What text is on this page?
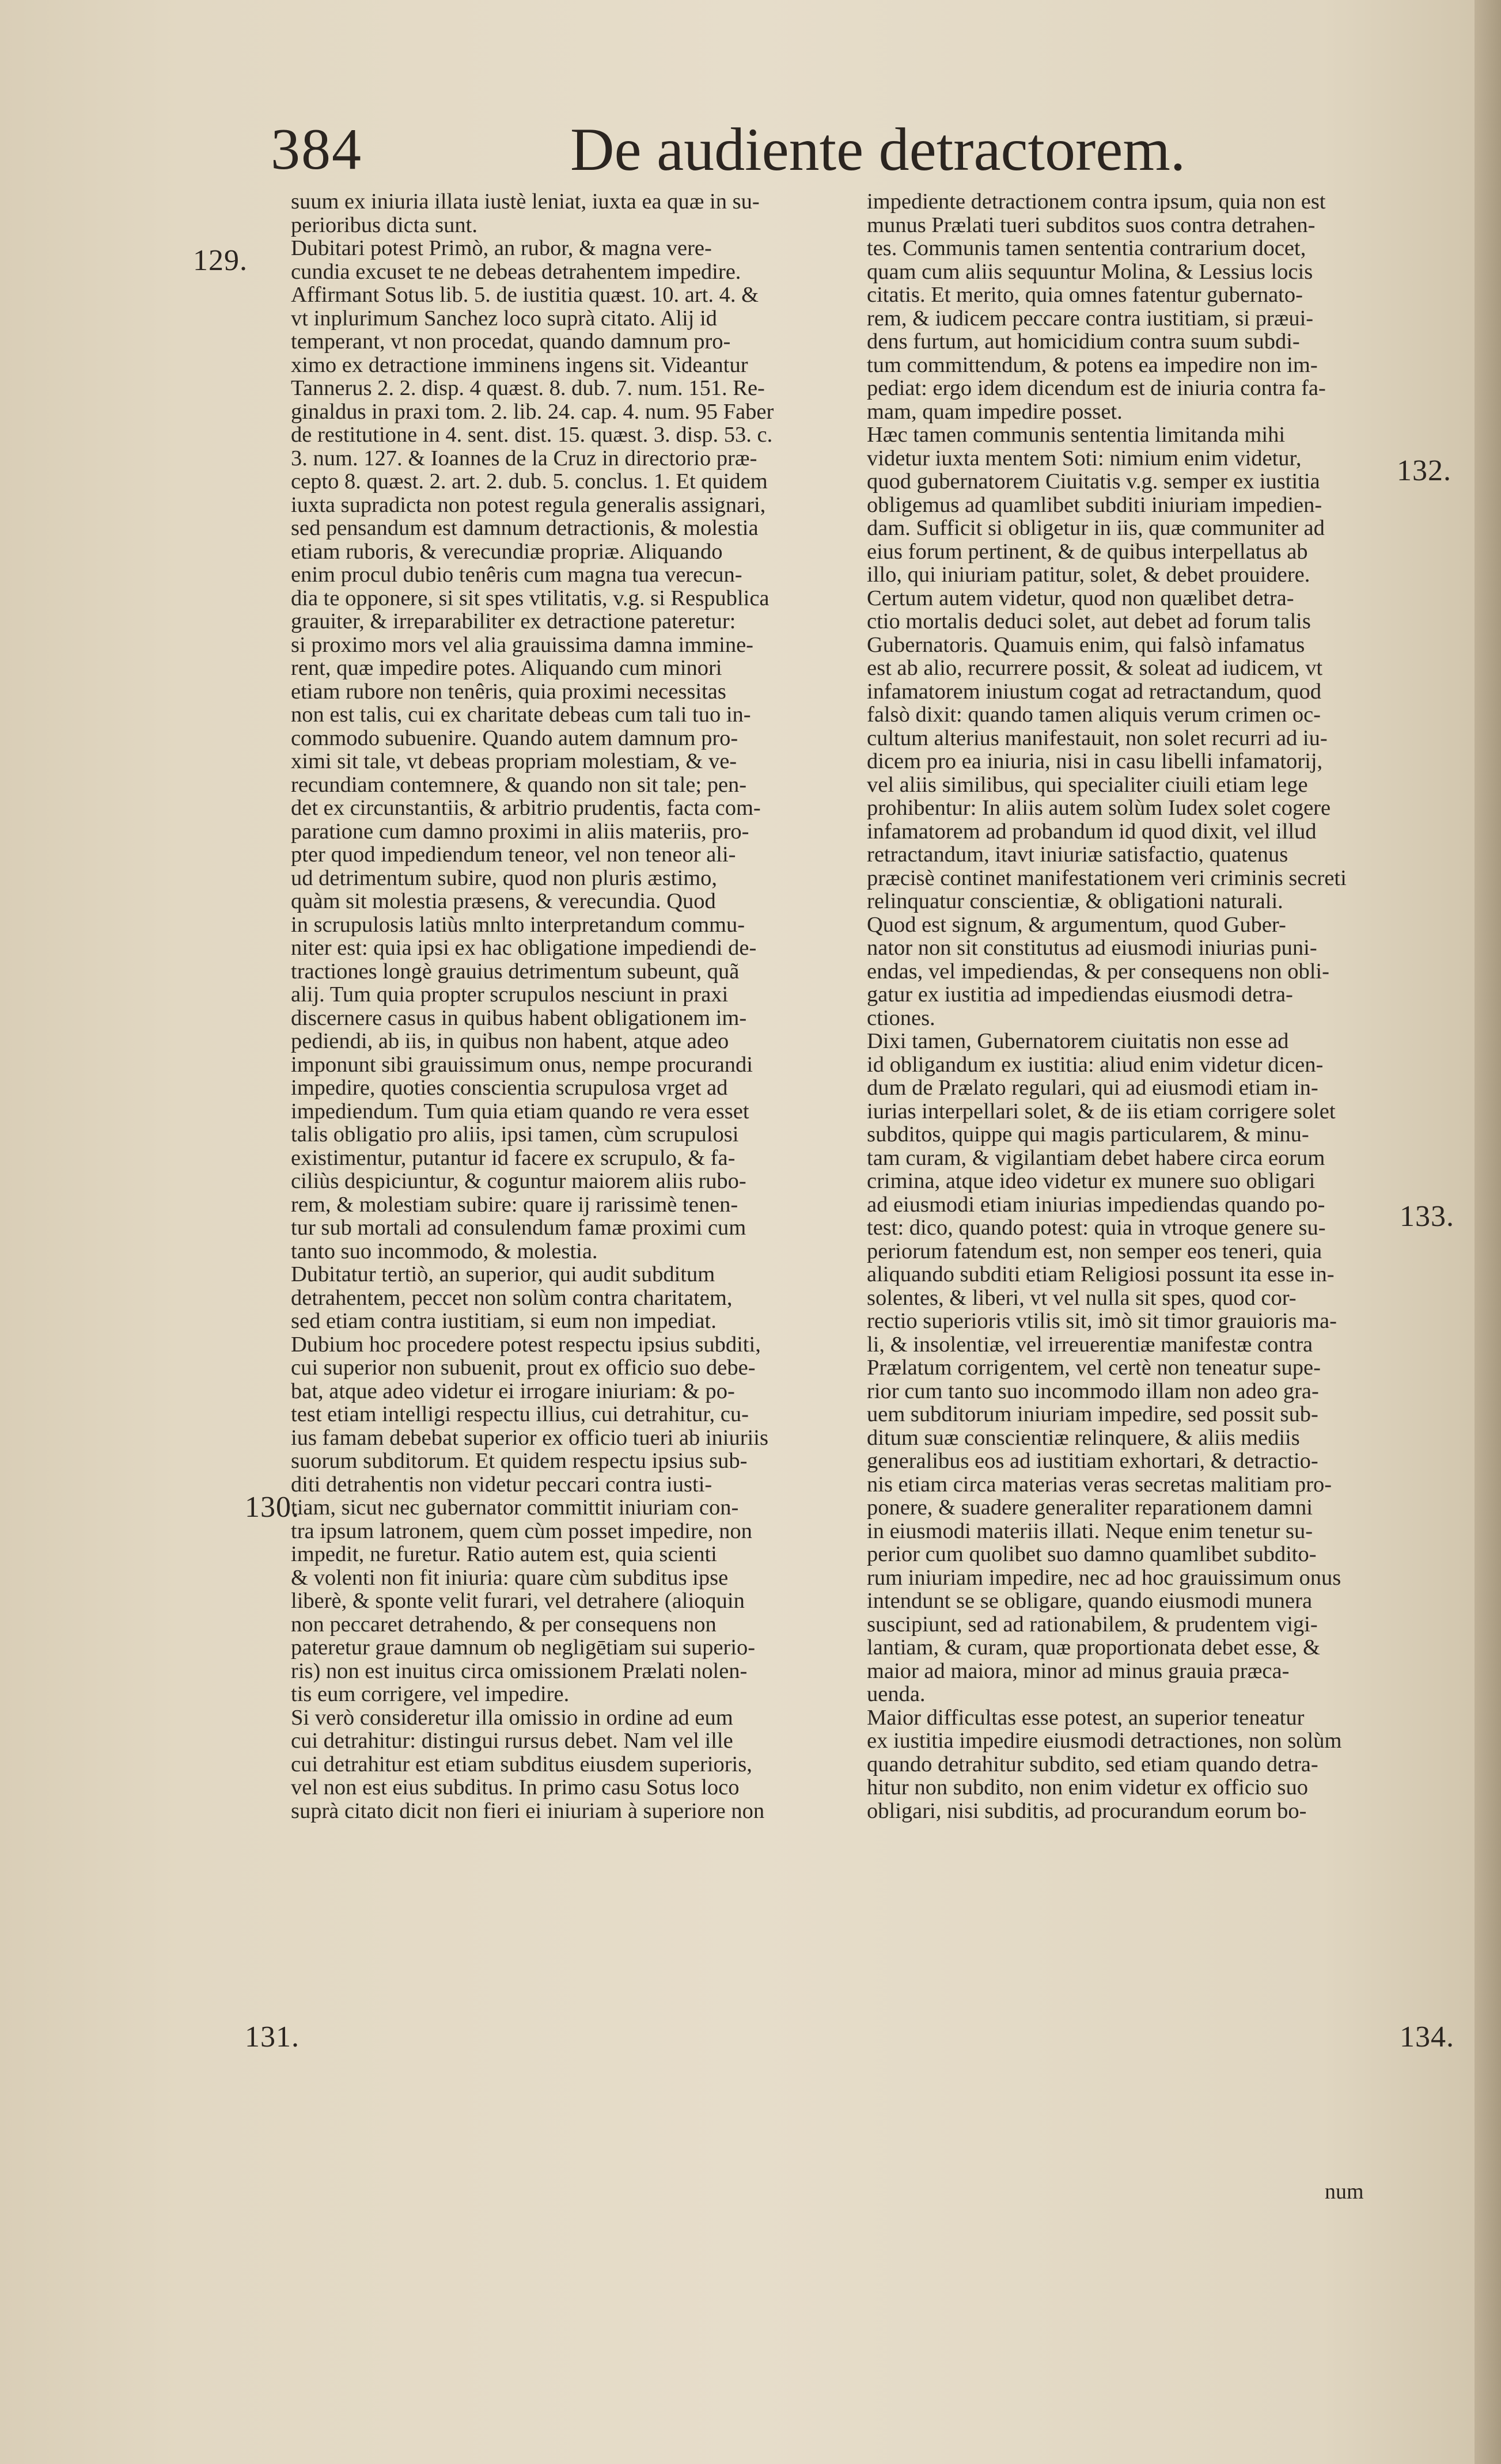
384	De audiente detractorem.
129.
130.
131.
132.
133.
134.
suum ex iniuria illata iustè leniat, iuxta ea quæ in su-
perioribus dicta sunt.
Dubitari potest Primò, an rubor, & magna vere-
cundia excuset te ne debeas detrahentem impedire.
Affirmant Sotus lib. 5. de iustitia quæst. 10. art. 4. &
vt inplurimum Sanchez loco suprà citato. Alij id
temperant, vt non procedat, quando damnum pro-
ximo ex detractione imminens ingens sit. Videantur
Tannerus 2. 2. disp. 4 quæst. 8. dub. 7. num. 151. Re-
ginaldus in praxi tom. 2. lib. 24. cap. 4. num. 95 Faber
de restitutione in 4. sent. dist. 15. quæst. 3. disp. 53. c.
3. num. 127. & Ioannes de la Cruz in directorio præ-
cepto 8. quæst. 2. art. 2. dub. 5. conclus. 1. Et quidem
iuxta supradicta non potest regula generalis assignari,
sed pensandum est damnum detractionis, & molestia
etiam ruboris, & verecundiæ propriæ. Aliquando
enim procul dubio tenêris cum magna tua verecun-
dia te opponere, si sit spes vtilitatis, v.g. si Respublica
grauiter, & irreparabiliter ex detractione pateretur:
si proximo mors vel alia grauissima damna immine-
rent, quæ impedire potes. Aliquando cum minori
etiam rubore non tenêris, quia proximi necessitas
non est talis, cui ex charitate debeas cum tali tuo in-
commodo subuenire. Quando autem damnum pro-
ximi sit tale, vt debeas propriam molestiam, & ve-
recundiam contemnere, & quando non sit tale; pen-
det ex circunstantiis, & arbitrio prudentis, facta com-
paratione cum damno proximi in aliis materiis, pro-
pter quod impediendum teneor, vel non teneor ali-
ud detrimentum subire, quod non pluris æstimo,
quàm sit molestia præsens, & verecundia. Quod
in scrupulosis latiùs mnlto interpretandum commu-
niter est: quia ipsi ex hac obligatione impediendi de-
tractiones longè grauius detrimentum subeunt, quã
alij. Tum quia propter scrupulos nesciunt in praxi
discernere casus in quibus habent obligationem im-
pediendi, ab iis, in quibus non habent, atque adeo
imponunt sibi grauissimum onus, nempe procurandi
impedire, quoties conscientia scrupulosa vrget ad
impediendum. Tum quia etiam quando re vera esset
talis obligatio pro aliis, ipsi tamen, cùm scrupulosi
existimentur, putantur id facere ex scrupulo, & fa-
ciliùs despiciuntur, & coguntur maiorem aliis rubo-
rem, & molestiam subire: quare ij rarissimè tenen-
tur sub mortali ad consulendum famæ proximi cum
tanto suo incommodo, & molestia.
Dubitatur tertiò, an superior, qui audit subditum
detrahentem, peccet non solùm contra charitatem,
sed etiam contra iustitiam, si eum non impediat.
Dubium hoc procedere potest respectu ipsius subditi,
cui superior non subuenit, prout ex officio suo debe-
bat, atque adeo videtur ei irrogare iniuriam: & po-
test etiam intelligi respectu illius, cui detrahitur, cu-
ius famam debebat superior ex officio tueri ab iniuriis
suorum subditorum. Et quidem respectu ipsius sub-
diti detrahentis non videtur peccari contra iusti-
tiam, sicut nec gubernator committit iniuriam con-
tra ipsum latronem, quem cùm posset impedire, non
impedit, ne furetur. Ratio autem est, quia scienti
& volenti non fit iniuria: quare cùm subditus ipse
liberè, & sponte velit furari, vel detrahere (alioquin
non peccaret detrahendo, & per consequens non
pateretur graue damnum ob negligētiam sui superio-
ris) non est inuitus circa omissionem Prælati nolen-
tis eum corrigere, vel impedire.
Si verò consideretur illa omissio in ordine ad eum
cui detrahitur: distingui rursus debet. Nam vel ille
cui detrahitur est etiam subditus eiusdem superioris,
vel non est eius subditus. In primo casu Sotus loco
suprà citato dicit non fieri ei iniuriam à superiore non
impediente detractionem contra ipsum, quia non est
munus Prælati tueri subditos suos contra detrahen-
tes. Communis tamen sententia contrarium docet,
quam cum aliis sequuntur Molina, & Lessius locis
citatis. Et merito, quia omnes fatentur gubernato-
rem, & iudicem peccare contra iustitiam, si præui-
dens furtum, aut homicidium contra suum subdi-
tum committendum, & potens ea impedire non im-
pediat: ergo idem dicendum est de iniuria contra fa-
mam, quam impedire posset.
Hæc tamen communis sententia limitanda mihi
videtur iuxta mentem Soti: nimium enim videtur,
quod gubernatorem Ciuitatis v.g. semper ex iustitia
obligemus ad quamlibet subditi iniuriam impedien-
dam. Sufficit si obligetur in iis, quæ communiter ad
eius forum pertinent, & de quibus interpellatus ab
illo, qui iniuriam patitur, solet, & debet prouidere.
Certum autem videtur, quod non quælibet detra-
ctio mortalis deduci solet, aut debet ad forum talis
Gubernatoris. Quamuis enim, qui falsò infamatus
est ab alio, recurrere possit, & soleat ad iudicem, vt
infamatorem iniustum cogat ad retractandum, quod
falsò dixit: quando tamen aliquis verum crimen oc-
cultum alterius manifestauit, non solet recurri ad iu-
dicem pro ea iniuria, nisi in casu libelli infamatorij,
vel aliis similibus, qui specialiter ciuili etiam lege
prohibentur: In aliis autem solùm Iudex solet cogere
infamatorem ad probandum id quod dixit, vel illud
retractandum, itavt iniuriæ satisfactio, quatenus
præcisè continet manifestationem veri criminis secreti
relinquatur conscientiæ, & obligationi naturali.
Quod est signum, & argumentum, quod Guber-
nator non sit constitutus ad eiusmodi iniurias puni-
endas, vel impediendas, & per consequens non obli-
gatur ex iustitia ad impediendas eiusmodi detra-
ctiones.
Dixi tamen, Gubernatorem ciuitatis non esse ad
id obligandum ex iustitia: aliud enim videtur dicen-
dum de Prælato regulari, qui ad eiusmodi etiam in-
iurias interpellari solet, & de iis etiam corrigere solet
subditos, quippe qui magis particularem, & minu-
tam curam, & vigilantiam debet habere circa eorum
crimina, atque ideo videtur ex munere suo obligari
ad eiusmodi etiam iniurias impediendas quando po-
test: dico, quando potest: quia in vtroque genere su-
periorum fatendum est, non semper eos teneri, quia
aliquando subditi etiam Religiosi possunt ita esse in-
solentes, & liberi, vt vel nulla sit spes, quod cor-
rectio superioris vtilis sit, imò sit timor grauioris ma-
li, & insolentiæ, vel irreuerentiæ manifestæ contra
Prælatum corrigentem, vel certè non teneatur supe-
rior cum tanto suo incommodo illam non adeo gra-
uem subditorum iniuriam impedire, sed possit sub-
ditum suæ conscientiæ relinquere, & aliis mediis
generalibus eos ad iustitiam exhortari, & detractio-
nis etiam circa materias veras secretas malitiam pro-
ponere, & suadere generaliter reparationem damni
in eiusmodi materiis illati. Neque enim tenetur su-
perior cum quolibet suo damno quamlibet subdito-
rum iniuriam impedire, nec ad hoc grauissimum onus
intendunt se se obligare, quando eiusmodi munera
suscipiunt, sed ad rationabilem, & prudentem vigi-
lantiam, & curam, quæ proportionata debet esse, &
maior ad maiora, minor ad minus grauia præca-
uenda.
Maior difficultas esse potest, an superior teneatur
ex iustitia impedire eiusmodi detractiones, non solùm
quando detrahitur subdito, sed etiam quando detra-
hitur non subdito, non enim videtur ex officio suo
obligari, nisi subditis, ad procurandum eorum bo-
num
